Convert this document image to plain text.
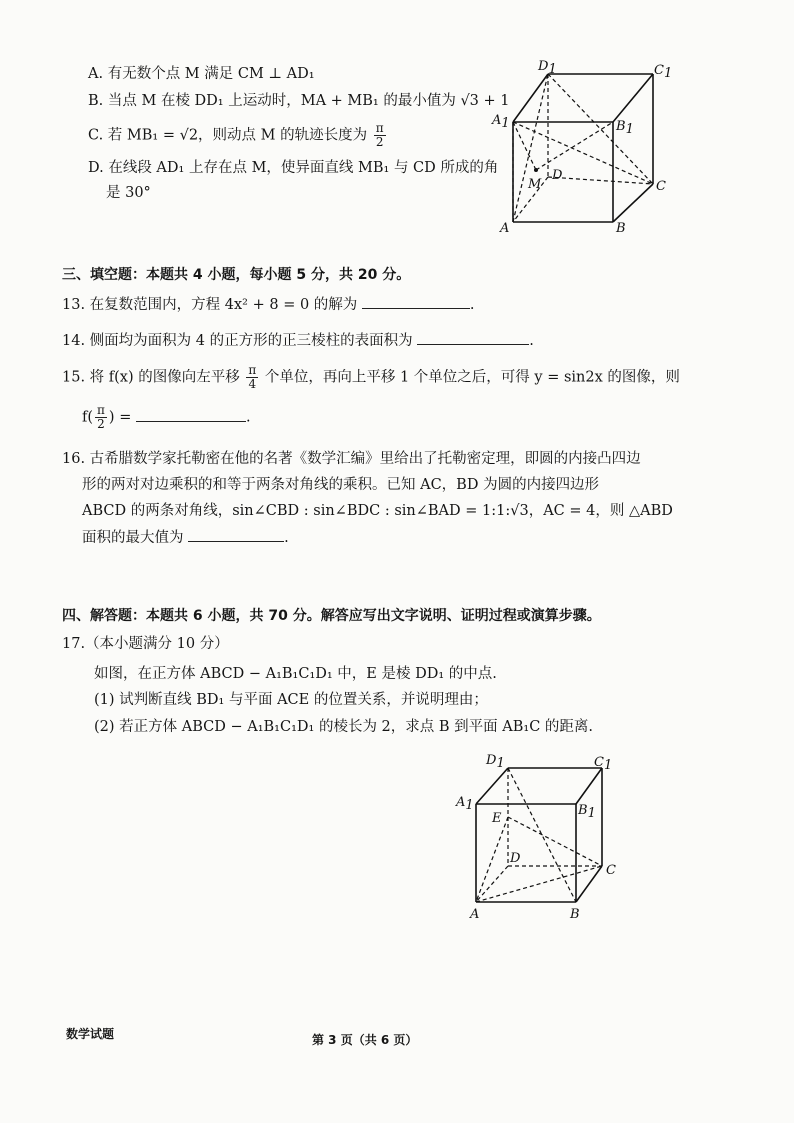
A. 有无数个点 M 满足 CM ⊥ AD₁
B. 当点 M 在棱 DD₁ 上运动时，MA + MB₁ 的最小值为 √3 + 1
C. 若 MB₁ = √2，则动点 M 的轨迹长度为 $\frac{\pi}{2}$
D. 在线段 AD₁ 上存在点 M，使异面直线 MB₁ 与 CD 所成的角
是 30°
D1	C1
A1	B1
M
D
C
A	B
三、填空题：本题共 4 小题，每小题 5 分，共 20 分。
13. 在复数范围内，方程 4x² + 8 = 0 的解为	.
14. 侧面均为面积为 4 的正方形的正三棱柱的表面积为	.
15. 将 f(x) 的图像向左平移 $\frac{\pi}{4}$ 个单位，再向上平移 1 个单位之后，可得 y = sin2x 的图像，则
$f( \frac{\pi}{2}$ ) =	.
16. 古希腊数学家托勒密在他的名著《数学汇编》里给出了托勒密定理，即圆的内接凸四边
形的两对对边乘积的和等于两条对角线的乘积。已知 AC，BD 为圆的内接四边形
ABCD 的两条对角线，sin∠CBD : sin∠BDC : sin∠BAD = 1:1:√3，AC = 4，则 △ABD
面积的最大值为	.
四、解答题：本题共 6 小题，共 70 分。解答应写出文字说明、证明过程或演算步骤。
17.（本小题满分 10 分）
如图，在正方体 ABCD − A₁B₁C₁D₁ 中，E 是棱 DD₁ 的中点.
(1) 试判断直线 BD₁ 与平面 ACE 的位置关系，并说明理由；
(2) 若正方体 ABCD − A₁B₁C₁D₁ 的棱长为 2，求点 B 到平面 AB₁C 的距离.
D1	C1
A1	B1
E
D
C
A	B
数学试题	第 3 页（共 6 页）
